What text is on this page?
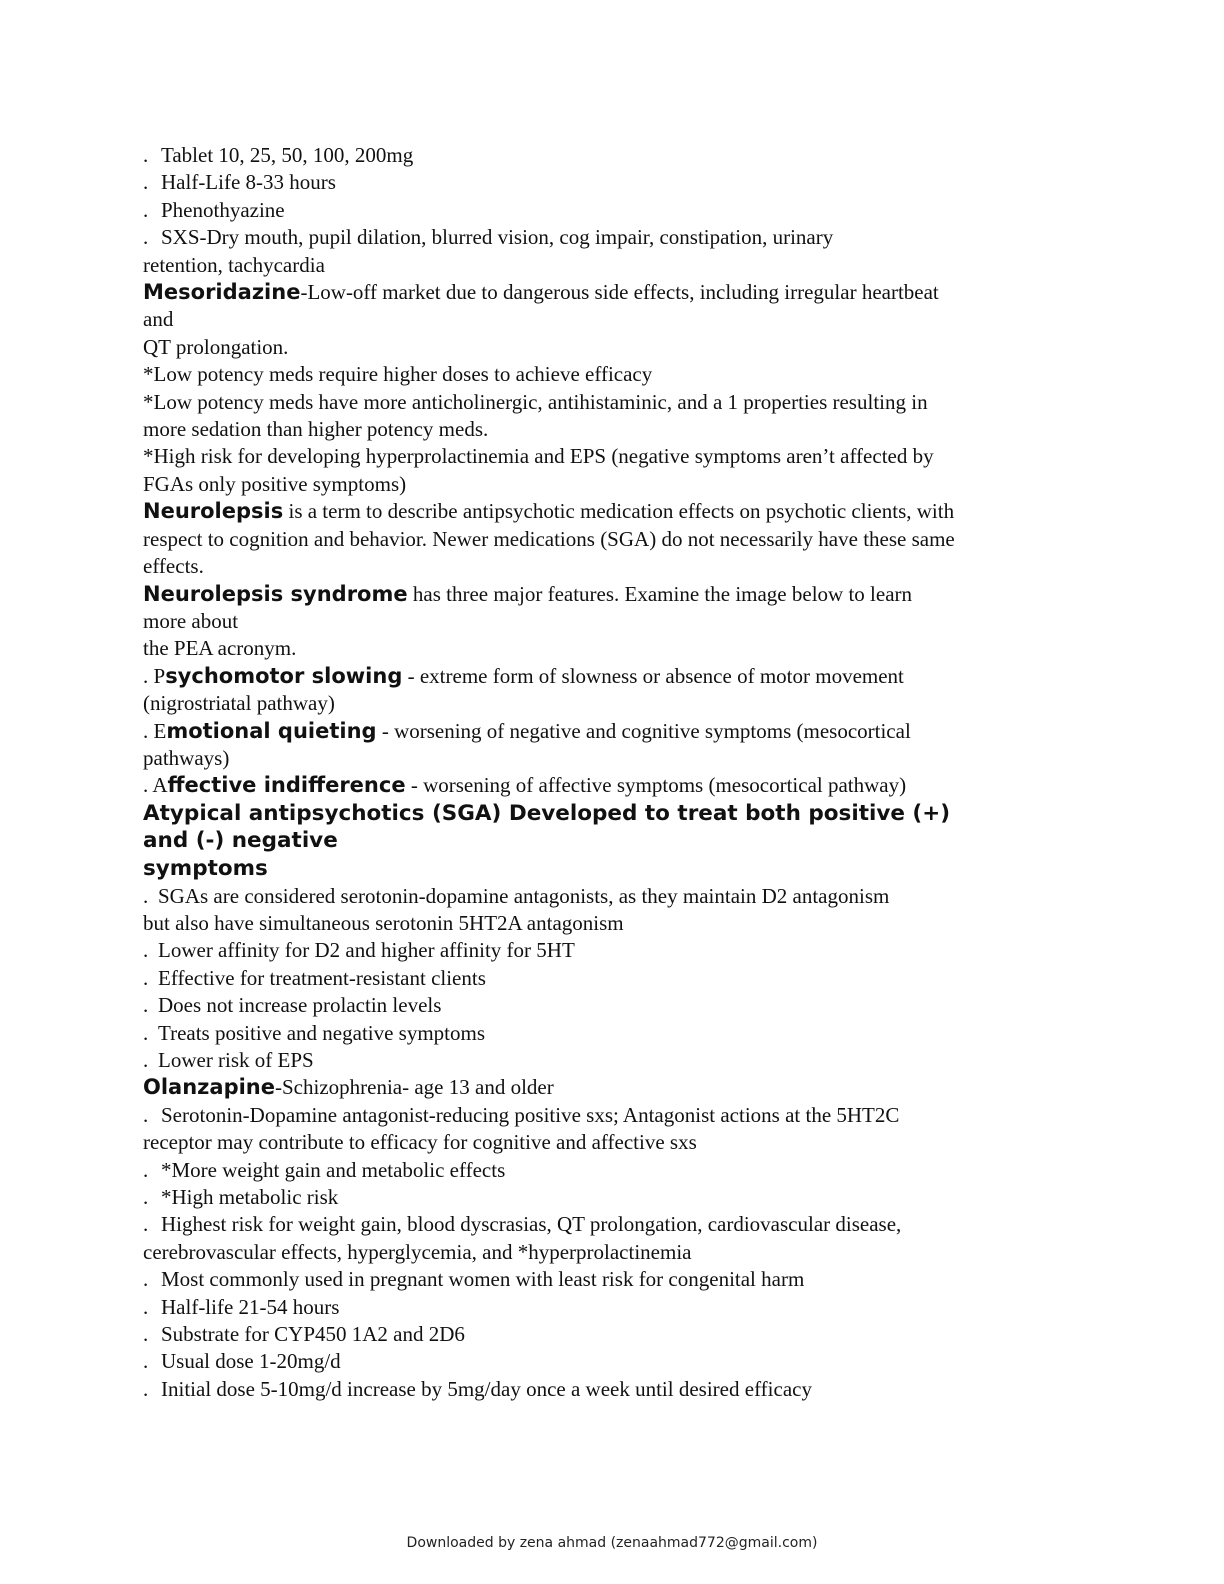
. Tablet 10, 25, 50, 100, 200mg
. Half-Life 8-33 hours
. Phenothyazine
. SXS-Dry mouth, pupil dilation, blurred vision, cog impair, constipation, urinary
retention, tachycardia
Mesoridazine-Low-off market due to dangerous side effects, including irregular heartbeat
and
QT prolongation.
*Low potency meds require higher doses to achieve efficacy
*Low potency meds have more anticholinergic, antihistaminic, and a 1 properties resulting in
more sedation than higher potency meds.
*High risk for developing hyperprolactinemia and EPS (negative symptoms aren’t affected by
FGAs only positive symptoms)
Neurolepsis is a term to describe antipsychotic medication effects on psychotic clients, with
respect to cognition and behavior. Newer medications (SGA) do not necessarily have these same
effects.
Neurolepsis syndrome has three major features. Examine the image below to learn
more about
the PEA acronym.
. Psychomotor slowing - extreme form of slowness or absence of motor movement
(nigrostriatal pathway)
. Emotional quieting - worsening of negative and cognitive symptoms (mesocortical
pathways)
. Affective indifference - worsening of affective symptoms (mesocortical pathway)
Atypical antipsychotics (SGA) Developed to treat both positive (+)
and (-) negative
symptoms
. SGAs are considered serotonin-dopamine antagonists, as they maintain D2 antagonism
but also have simultaneous serotonin 5HT2A antagonism
. Lower affinity for D2 and higher affinity for 5HT
. Effective for treatment-resistant clients
. Does not increase prolactin levels
. Treats positive and negative symptoms
. Lower risk of EPS
Olanzapine-Schizophrenia- age 13 and older
. Serotonin-Dopamine antagonist-reducing positive sxs; Antagonist actions at the 5HT2C
receptor may contribute to efficacy for cognitive and affective sxs
. *More weight gain and metabolic effects
. *High metabolic risk
. Highest risk for weight gain, blood dyscrasias, QT prolongation, cardiovascular disease,
cerebrovascular effects, hyperglycemia, and *hyperprolactinemia
. Most commonly used in pregnant women with least risk for congenital harm
. Half-life 21-54 hours
. Substrate for CYP450 1A2 and 2D6
. Usual dose 1-20mg/d
. Initial dose 5-10mg/d increase by 5mg/day once a week until desired efficacy
Downloaded by zena ahmad (zenaahmad772@gmail.com)
